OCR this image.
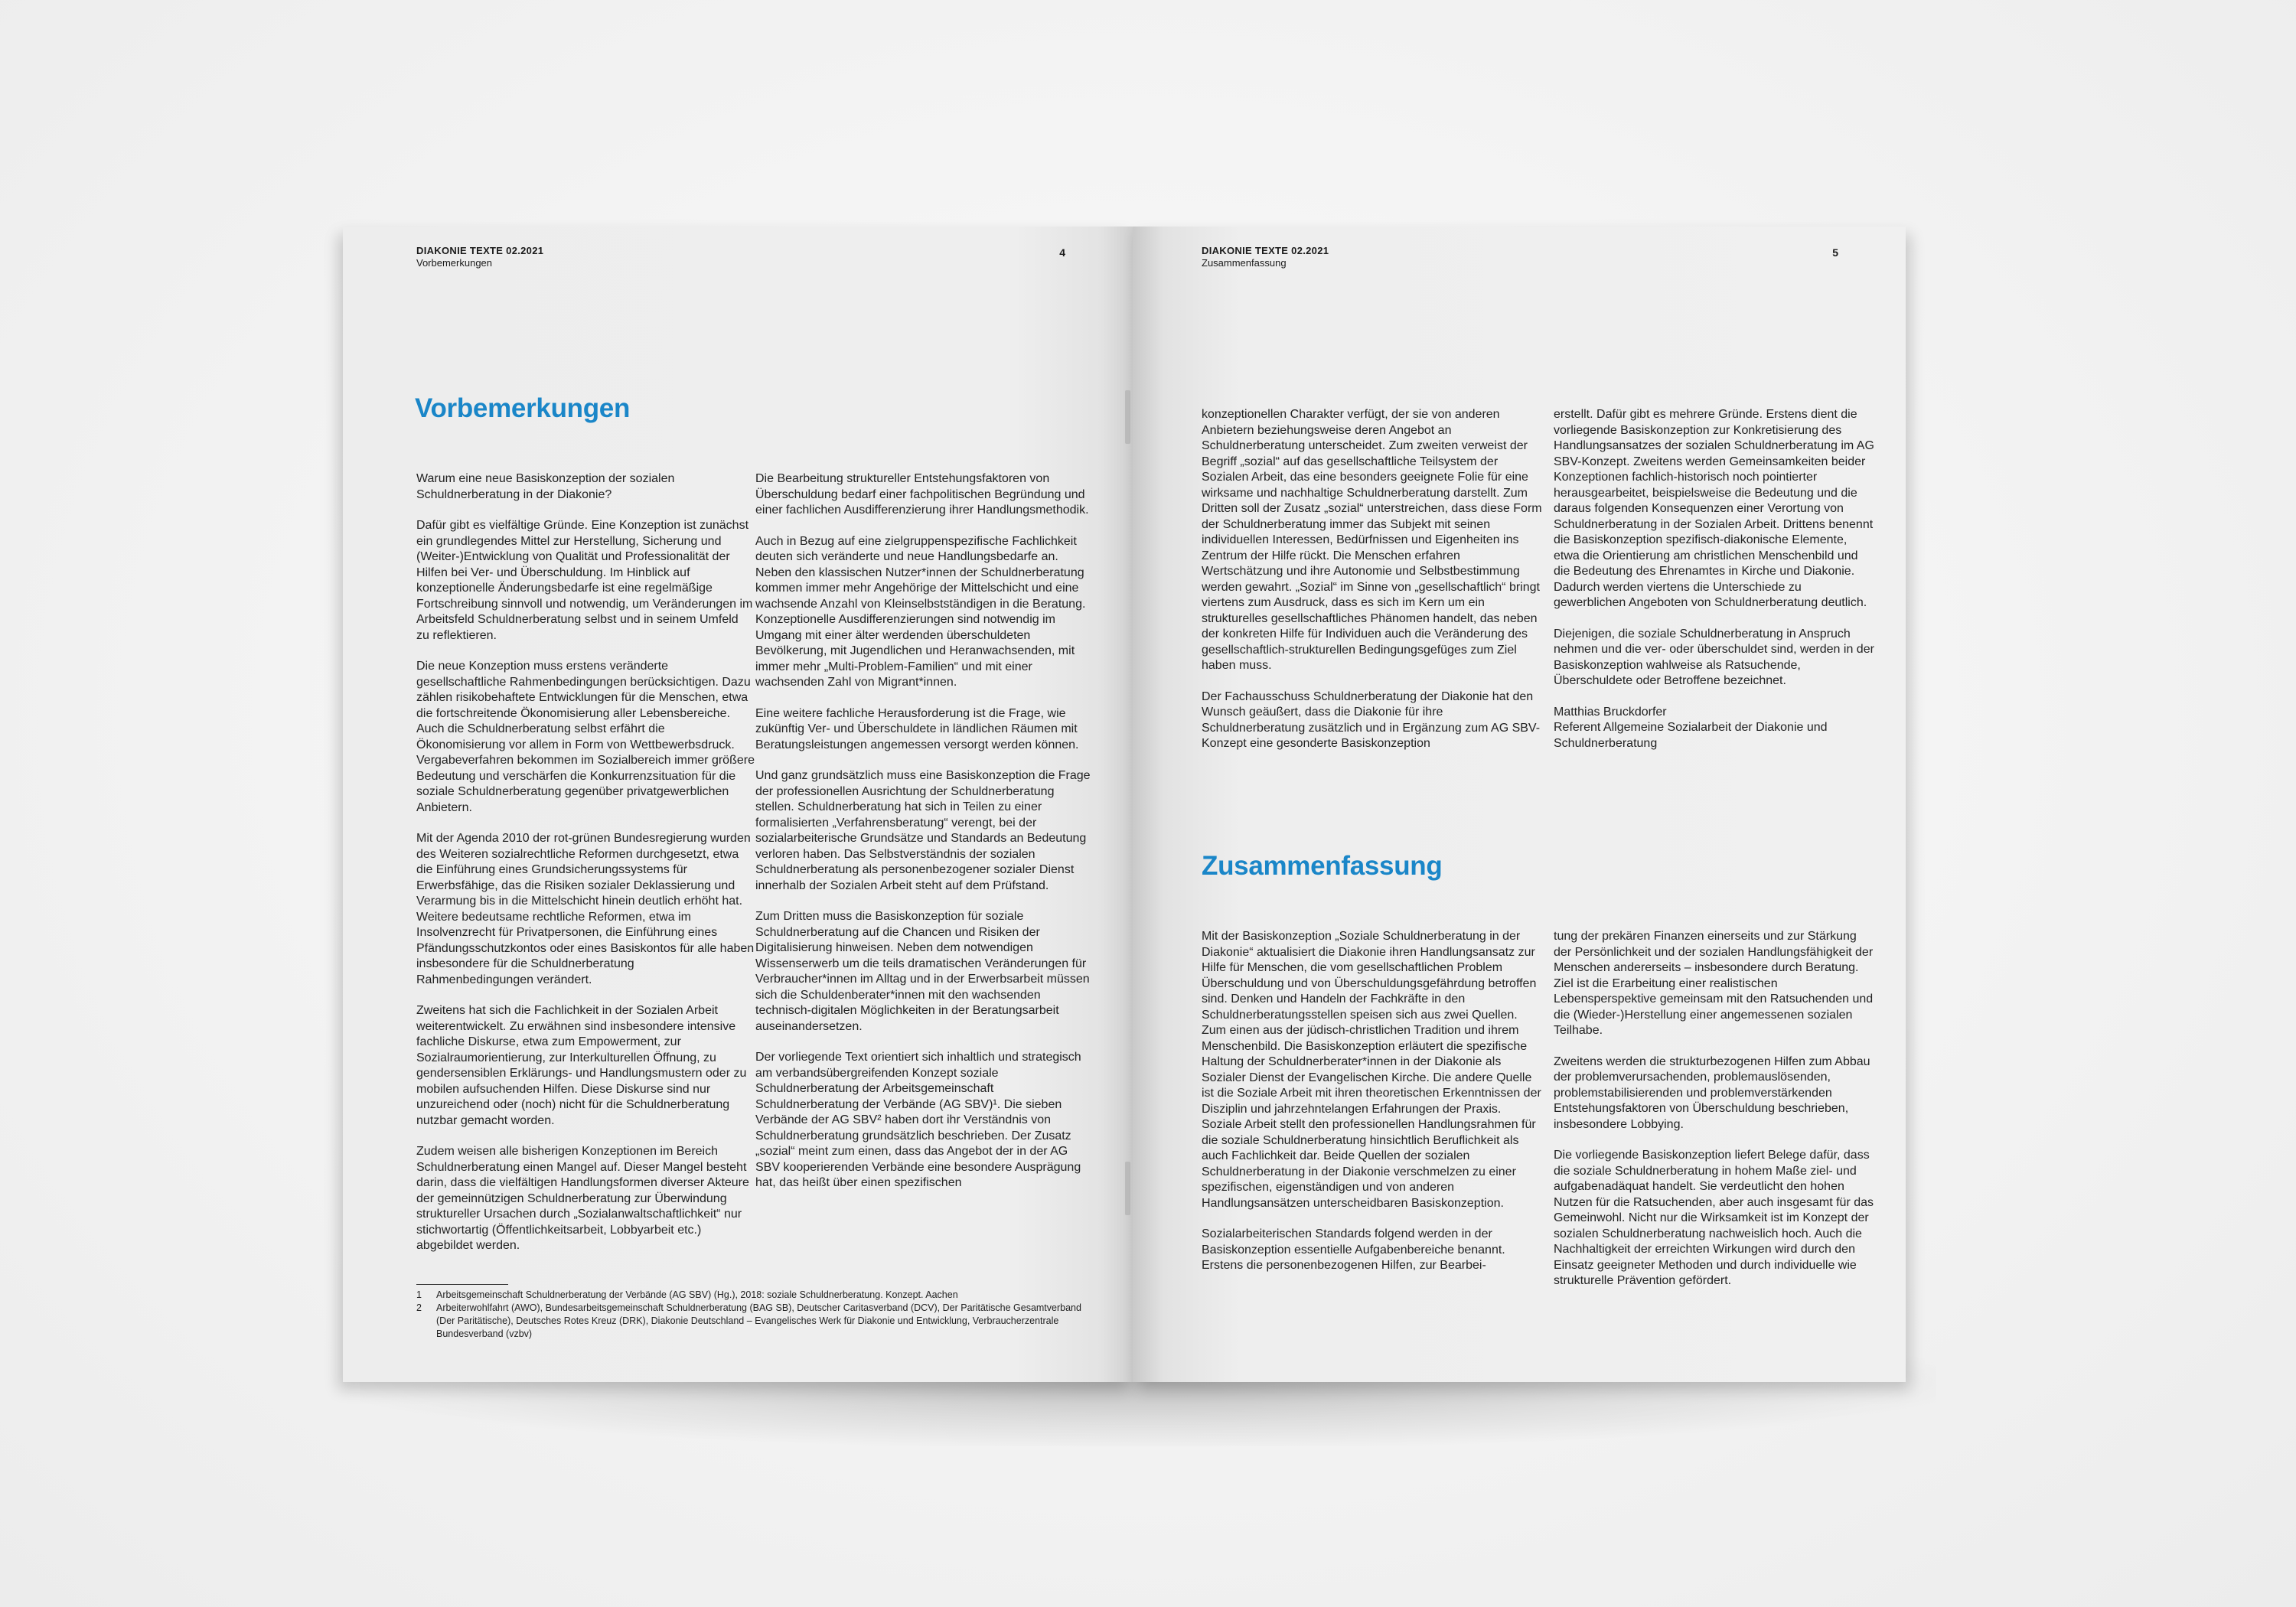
DIAKONIE TEXTE 02.2021
Vorbemerkungen
4
Vorbemerkungen

Warum eine neue Basiskonzeption der sozialen Schuldnerberatung in der Diakonie?

Dafür gibt es vielfältige Gründe. Eine Konzeption ist zunächst ein grundlegendes Mittel zur Herstellung, Sicherung und (Weiter-)Entwicklung von Qualität und Professionalität der Hilfen bei Ver- und Überschuldung. Im Hinblick auf konzeptionelle Änderungsbedarfe ist eine regelmäßige Fortschreibung sinnvoll und notwendig, um Veränderungen im Arbeitsfeld Schuldnerberatung selbst und in seinem Umfeld zu reflektieren.

Die neue Konzeption muss erstens veränderte gesellschaftliche Rahmenbedingungen berücksichtigen. Dazu zählen risikobehaftete Entwicklungen für die Menschen, etwa die fortschreitende Ökonomisierung aller Lebensbereiche. Auch die Schuldnerberatung selbst erfährt die Ökonomisierung vor allem in Form von Wettbewerbsdruck. Vergabeverfahren bekommen im Sozialbereich immer größere Bedeutung und verschärfen die Konkurrenzsituation für die soziale Schuldnerberatung gegenüber privatgewerblichen Anbietern.

Mit der Agenda 2010 der rot-grünen Bundesregierung wurden des Weiteren sozialrechtliche Reformen durchgesetzt, etwa die Einführung eines Grundsicherungssystems für Erwerbsfähige, das die Risiken sozialer Deklassierung und Verarmung bis in die Mittelschicht hinein deutlich erhöht hat. Weitere bedeutsame rechtliche Reformen, etwa im Insolvenzrecht für Privatpersonen, die Einführung eines Pfändungsschutzkontos oder eines Basiskontos für alle haben insbesondere für die Schuldnerberatung Rahmenbedingungen verändert.

Zweitens hat sich die Fachlichkeit in der Sozialen Arbeit weiterentwickelt. Zu erwähnen sind insbesondere intensive fachliche Diskurse, etwa zum Empowerment, zur Sozialraumorientierung, zur Interkulturellen Öffnung, zu gendersensiblen Erklärungs- und Handlungsmustern oder zu mobilen aufsuchenden Hilfen. Diese Diskurse sind nur unzureichend oder (noch) nicht für die Schuldnerberatung nutzbar gemacht worden.

Zudem weisen alle bisherigen Konzeptionen im Bereich Schuldnerberatung einen Mangel auf. Dieser Mangel besteht darin, dass die vielfältigen Handlungsformen diverser Akteure der gemeinnützigen Schuldnerberatung zur Überwindung struktureller Ursachen durch „Sozialanwaltschaftlichkeit“ nur stichwortartig (Öffentlichkeitsarbeit, Lobbyarbeit etc.) abgebildet werden.

Die Bearbeitung struktureller Entstehungsfaktoren von Überschuldung bedarf einer fachpolitischen Begründung und einer fachlichen Ausdifferenzierung ihrer Handlungsmethodik.

Auch in Bezug auf eine zielgruppenspezifische Fachlichkeit deuten sich veränderte und neue Handlungsbedarfe an. Neben den klassischen Nutzer*innen der Schuldnerberatung kommen immer mehr Angehörige der Mittelschicht und eine wachsende Anzahl von Kleinselbstständigen in die Beratung. Konzeptionelle Ausdifferenzierungen sind notwendig im Umgang mit einer älter werdenden überschuldeten Bevölkerung, mit Jugendlichen und Heranwachsenden, mit immer mehr „Multi-Problem-Familien“ und mit einer wachsenden Zahl von Migrant*innen.

Eine weitere fachliche Herausforderung ist die Frage, wie zukünftig Ver- und Überschuldete in ländlichen Räumen mit Beratungsleistungen angemessen versorgt werden können.

Und ganz grundsätzlich muss eine Basiskonzeption die Frage der professionellen Ausrichtung der Schuldnerberatung stellen. Schuldnerberatung hat sich in Teilen zu einer formalisierten „Verfahrensberatung“ verengt, bei der sozialarbeiterische Grundsätze und Standards an Bedeutung verloren haben. Das Selbstverständnis der sozialen Schuldnerberatung als personenbezogener sozialer Dienst innerhalb der Sozialen Arbeit steht auf dem Prüfstand.

Zum Dritten muss die Basiskonzeption für soziale Schuldnerberatung auf die Chancen und Risiken der Digitalisierung hinweisen. Neben dem notwendigen Wissenserwerb um die teils dramatischen Veränderungen für Verbraucher*innen im Alltag und in der Erwerbsarbeit müssen sich die Schuldenberater*innen mit den wachsenden technisch-digitalen Möglichkeiten in der Beratungsarbeit auseinandersetzen.

Der vorliegende Text orientiert sich inhaltlich und strategisch am verbandsübergreifenden Konzept soziale Schuldnerberatung der Arbeitsgemeinschaft Schuldnerberatung der Verbände (AG SBV)¹. Die sieben Verbände der AG SBV² haben dort ihr Verständnis von Schuldnerberatung grundsätzlich beschrieben. Der Zusatz „sozial“ meint zum einen, dass das Angebot der in der AG SBV kooperierenden Verbände eine besondere Ausprägung hat, das heißt über einen spezifischen

1	Arbeitsgemeinschaft Schuldnerberatung der Verbände (AG SBV) (Hg.), 2018: soziale Schuldnerberatung. Konzept. Aachen
2	Arbeiterwohlfahrt (AWO), Bundesarbeitsgemeinschaft Schuldnerberatung (BAG SB), Deutscher Caritasverband (DCV), Der Paritätische Gesamtverband (Der Paritätische), Deutsches Rotes Kreuz (DRK), Diakonie Deutschland – Evangelisches Werk für Diakonie und Entwicklung, Verbraucherzentrale Bundesverband (vzbv)
DIAKONIE TEXTE 02.2021
Zusammenfassung
5

konzeptionellen Charakter verfügt, der sie von anderen Anbietern beziehungsweise deren Angebot an Schuldnerberatung unterscheidet. Zum zweiten verweist der Begriff „sozial“ auf das gesellschaftliche Teilsystem der Sozialen Arbeit, das eine besonders geeignete Folie für eine wirksame und nachhaltige Schuldnerberatung darstellt. Zum Dritten soll der Zusatz „sozial“ unterstreichen, dass diese Form der Schuldnerberatung immer das Subjekt mit seinen individuellen Interessen, Bedürfnissen und Eigenheiten ins Zentrum der Hilfe rückt. Die Menschen erfahren Wertschätzung und ihre Autonomie und Selbstbestimmung werden gewahrt. „Sozial“ im Sinne von „gesellschaftlich“ bringt viertens zum Ausdruck, dass es sich im Kern um ein strukturelles gesellschaftliches Phänomen handelt, das neben der konkreten Hilfe für Individuen auch die Veränderung des gesellschaftlich-strukturellen Bedingungsgefüges zum Ziel haben muss.

Der Fachausschuss Schuldnerberatung der Diakonie hat den Wunsch geäußert, dass die Diakonie für ihre Schuldnerberatung zusätzlich und in Ergänzung zum AG SBV-Konzept eine gesonderte Basiskonzeption

erstellt. Dafür gibt es mehrere Gründe. Erstens dient die vorliegende Basiskonzeption zur Konkretisierung des Handlungsansatzes der sozialen Schuldnerberatung im AG SBV-Konzept. Zweitens werden Gemeinsamkeiten beider Konzeptionen fachlich-historisch noch pointierter herausgearbeitet, beispielsweise die Bedeutung und die daraus folgenden Konsequenzen einer Verortung von Schuldnerberatung in der Sozialen Arbeit. Drittens benennt die Basiskonzeption spezifisch-diakonische Elemente, etwa die Orientierung am christlichen Menschenbild und die Bedeutung des Ehrenamtes in Kirche und Diakonie. Dadurch werden viertens die Unterschiede zu gewerblichen Angeboten von Schuldnerberatung deutlich.

Diejenigen, die soziale Schuldnerberatung in Anspruch nehmen und die ver- oder überschuldet sind, werden in der Basiskonzeption wahlweise als Ratsuchende, Überschuldete oder Betroffene bezeichnet.

Matthias Bruckdorfer
Referent Allgemeine Sozialarbeit der Diakonie und Schuldnerberatung
Zusammenfassung

Mit der Basiskonzeption „Soziale Schuldnerberatung in der Diakonie“ aktualisiert die Diakonie ihren Handlungsansatz zur Hilfe für Menschen, die vom gesellschaftlichen Problem Überschuldung und von Überschuldungsgefährdung betroffen sind. Denken und Handeln der Fachkräfte in den Schuldnerberatungsstellen speisen sich aus zwei Quellen. Zum einen aus der jüdisch-christlichen Tradition und ihrem Menschenbild. Die Basiskonzeption erläutert die spezifische Haltung der Schuldnerberater*innen in der Diakonie als Sozialer Dienst der Evangelischen Kirche. Die andere Quelle ist die Soziale Arbeit mit ihren theoretischen Erkenntnissen der Disziplin und jahrzehntelangen Erfahrungen der Praxis. Soziale Arbeit stellt den professionellen Handlungsrahmen für die soziale Schuldnerberatung hinsichtlich Beruflichkeit als auch Fachlichkeit dar. Beide Quellen der sozialen Schuldnerberatung in der Diakonie verschmelzen zu einer spezifischen, eigenständigen und von anderen Handlungsansätzen unterscheidbaren Basiskonzeption.

Sozialarbeiterischen Standards folgend werden in der Basiskonzeption essentielle Aufgabenbereiche benannt. Erstens die personenbezogenen Hilfen, zur Bearbei-

tung der prekären Finanzen einerseits und zur Stärkung der Persönlichkeit und der sozialen Handlungsfähigkeit der Menschen andererseits – insbesondere durch Beratung. Ziel ist die Erarbeitung einer realistischen Lebensperspektive gemeinsam mit den Ratsuchenden und die (Wieder-)Herstellung einer angemessenen sozialen Teilhabe.

Zweitens werden die strukturbezogenen Hilfen zum Abbau der problemverursachenden, problemauslösenden, problemstabilisierenden und problemverstärkenden Entstehungsfaktoren von Überschuldung beschrieben, insbesondere Lobbying.

Die vorliegende Basiskonzeption liefert Belege dafür, dass die soziale Schuldnerberatung in hohem Maße ziel- und aufgabenadäquat handelt. Sie verdeutlicht den hohen Nutzen für die Ratsuchenden, aber auch insgesamt für das Gemeinwohl. Nicht nur die Wirksamkeit ist im Konzept der sozialen Schuldnerberatung nachweislich hoch. Auch die Nachhaltigkeit der erreichten Wirkungen wird durch den Einsatz geeigneter Methoden und durch individuelle wie strukturelle Prävention gefördert.
